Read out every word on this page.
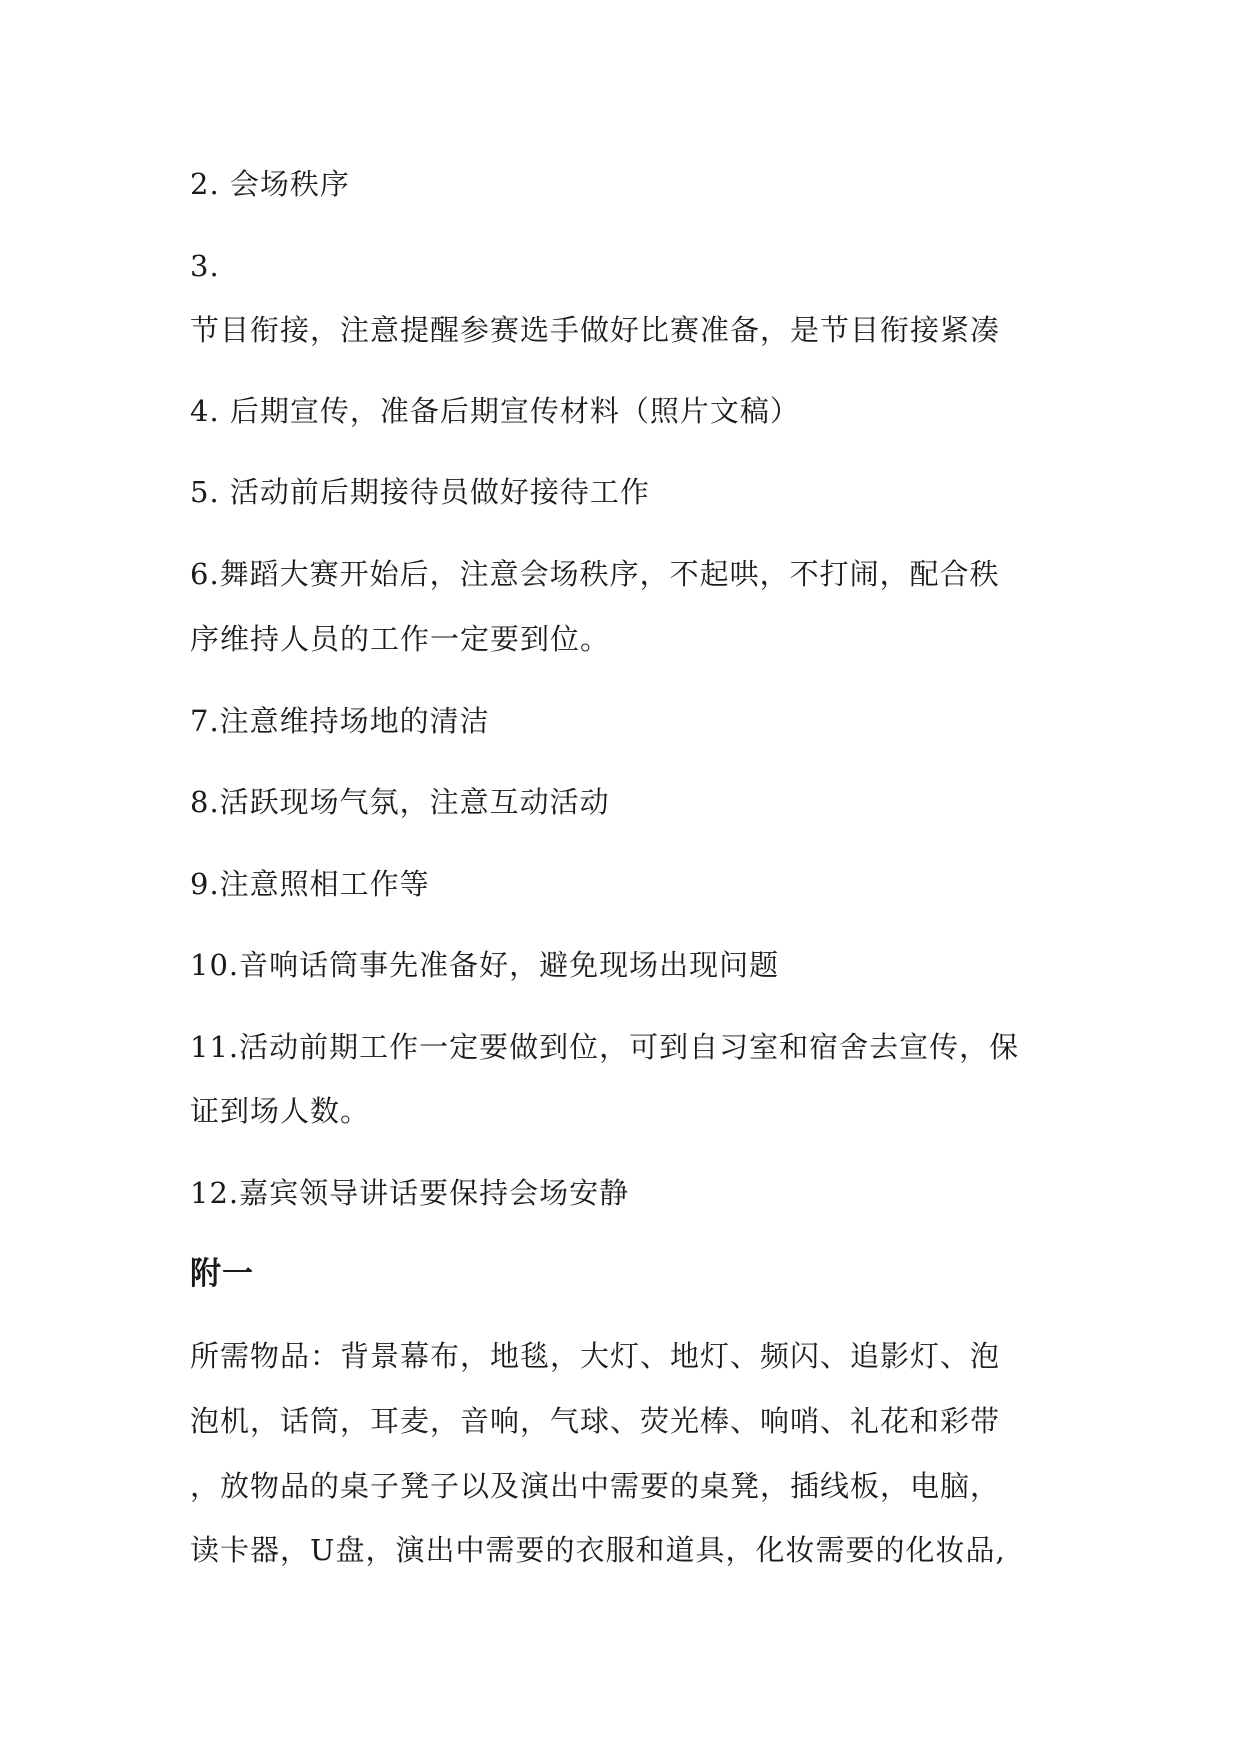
2. 会场秩序
3.
节目衔接，注意提醒参赛选手做好比赛准备，是节目衔接紧凑
4. 后期宣传，准备后期宣传材料（照片文稿）
5. 活动前后期接待员做好接待工作
6.舞蹈大赛开始后，注意会场秩序，不起哄，不打闹，配合秩
序维持人员的工作一定要到位。
7.注意维持场地的清洁
8.活跃现场气氛，注意互动活动
9.注意照相工作等
10.音响话筒事先准备好，避免现场出现问题
11.活动前期工作一定要做到位，可到自习室和宿舍去宣传，保
证到场人数。
12.嘉宾领导讲话要保持会场安静
附一
所需物品：背景幕布，地毯，大灯、地灯、频闪、追影灯、泡
泡机，话筒，耳麦，音响，气球、荧光棒、响哨、礼花和彩带
，放物品的桌子凳子以及演出中需要的桌凳，插线板，电脑，
读卡器，U盘，演出中需要的衣服和道具，化妆需要的化妆品,
